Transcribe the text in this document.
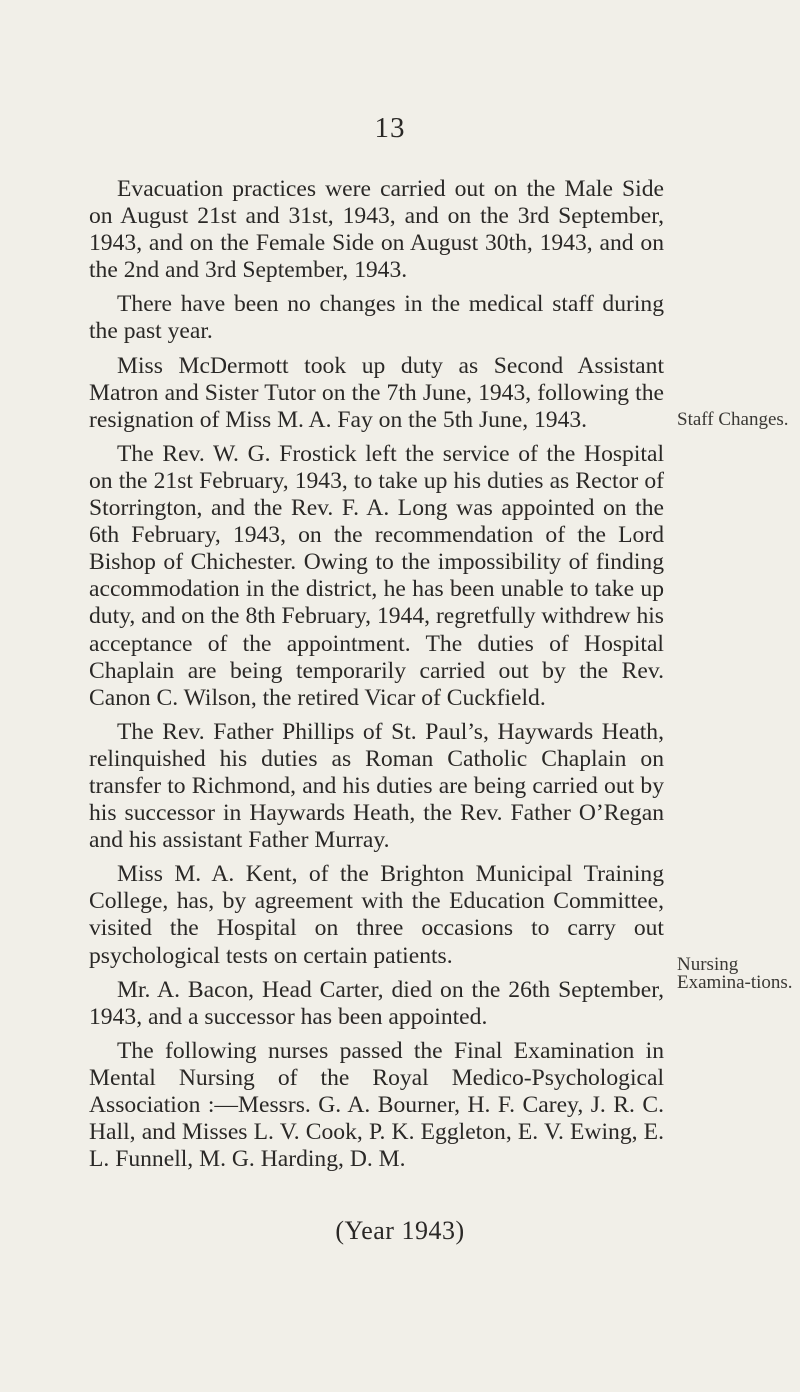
13

Evacuation practices were carried out on the Male Side on August 21st and 31st, 1943, and on the 3rd September, 1943, and on the Female Side on August 30th, 1943, and on the 2nd and 3rd September, 1943.

There have been no changes in the medical staff during the past year.

Miss McDermott took up duty as Second Assistant Matron and Sister Tutor on the 7th June, 1943, following the resignation of Miss M. A. Fay on the 5th June, 1943.

The Rev. W. G. Frostick left the service of the Hospital on the 21st February, 1943, to take up his duties as Rector of Storrington, and the Rev. F. A. Long was appointed on the 6th February, 1943, on the recommendation of the Lord Bishop of Chichester. Owing to the impossibility of finding accommodation in the district, he has been unable to take up duty, and on the 8th February, 1944, regretfully withdrew his acceptance of the appointment. The duties of Hospital Chaplain are being temporarily carried out by the Rev. Canon C. Wilson, the retired Vicar of Cuckfield.

The Rev. Father Phillips of St. Paul’s, Haywards Heath, relinquished his duties as Roman Catholic Chaplain on transfer to Richmond, and his duties are being carried out by his successor in Haywards Heath, the Rev. Father O’Regan and his assistant Father Murray.

Miss M. A. Kent, of the Brighton Municipal Training College, has, by agreement with the Education Committee, visited the Hospital on three occasions to carry out psychological tests on certain patients.

Mr. A. Bacon, Head Carter, died on the 26th September, 1943, and a successor has been appointed.

The following nurses passed the Final Examination in Mental Nursing of the Royal Medico-Psychological Association :—Messrs. G. A. Bourner, H. F. Carey, J. R. C. Hall, and Misses L. V. Cook, P. K. Eggleton, E. V. Ewing, E. L. Funnell, M. G. Harding, D. M.

Staff Changes.
Nursing Examina-tions.
(Year 1943)
